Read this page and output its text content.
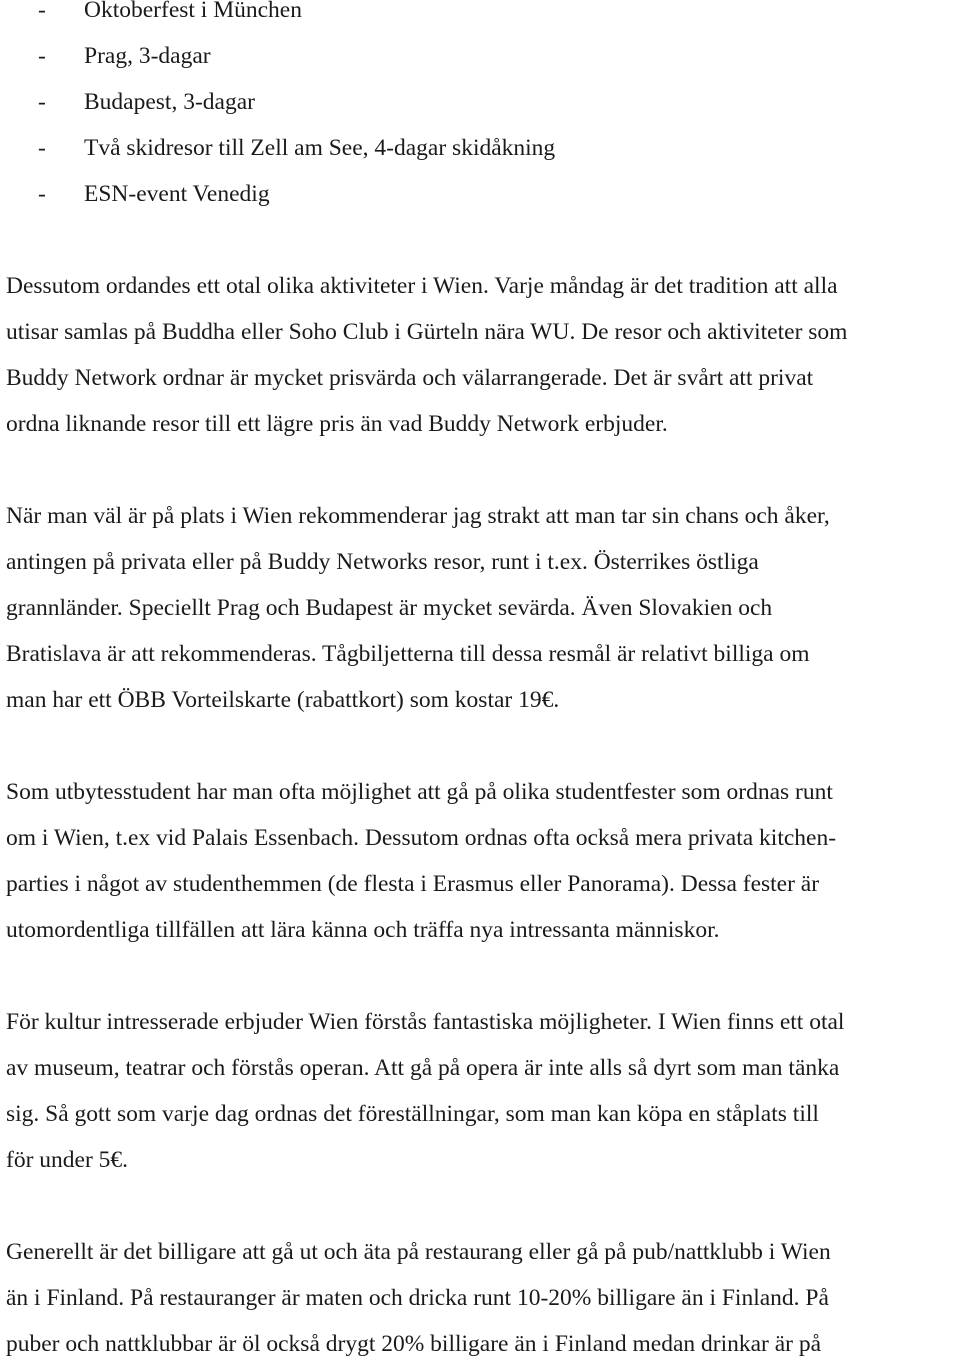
- Oktoberfest i München
- Prag, 3-dagar
- Budapest, 3-dagar
- Två skidresor till Zell am See, 4-dagar skidåkning
- ESN-event Venedig

Dessutom ordandes ett otal olika aktiviteter i Wien. Varje måndag är det tradition att alla
utisar samlas på Buddha eller Soho Club i Gürteln nära WU. De resor och aktiviteter som
Buddy Network ordnar är mycket prisvärda och välarrangerade. Det är svårt att privat
ordna liknande resor till ett lägre pris än vad Buddy Network erbjuder.

När man väl är på plats i Wien rekommenderar jag strakt att man tar sin chans och åker,
antingen på privata eller på Buddy Networks resor, runt i t.ex. Österrikes östliga
grannländer. Speciellt Prag och Budapest är mycket sevärda. Även Slovakien och
Bratislava är att rekommenderas. Tågbiljetterna till dessa resmål är relativt billiga om
man har ett ÖBB Vorteilskarte (rabattkort) som kostar 19€.

Som utbytesstudent har man ofta möjlighet att gå på olika studentfester som ordnas runt
om i Wien, t.ex vid Palais Essenbach. Dessutom ordnas ofta också mera privata kitchen-
parties i något av studenthemmen (de flesta i Erasmus eller Panorama). Dessa fester är
utomordentliga tillfällen att lära känna och träffa nya intressanta människor.

För kultur intresserade erbjuder Wien förstås fantastiska möjligheter. I Wien finns ett otal
av museum, teatrar och förstås operan. Att gå på opera är inte alls så dyrt som man tänka
sig. Så gott som varje dag ordnas det föreställningar, som man kan köpa en ståplats till
för under 5€.

Generellt är det billigare att gå ut och äta på restaurang eller gå på pub/nattklubb i Wien
än i Finland. På restauranger är maten och dricka runt 10-20% billigare än i Finland. På
puber och nattklubbar är öl också drygt 20% billigare än i Finland medan drinkar är på
